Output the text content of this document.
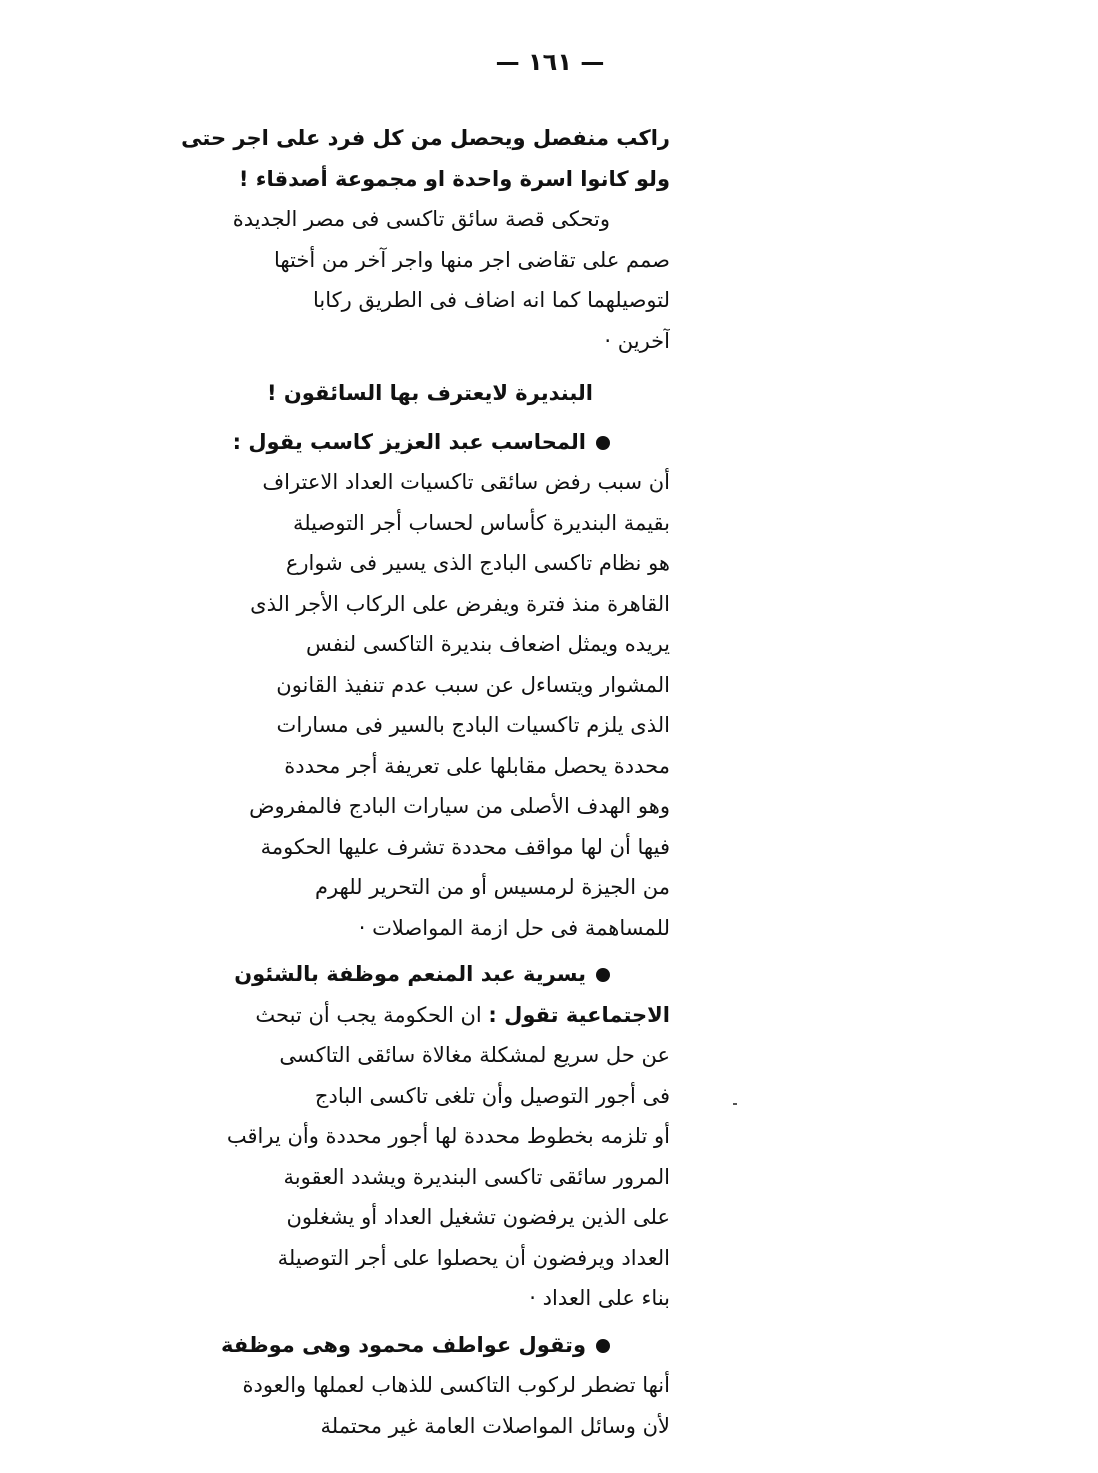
— ١٦١ —
راكب منفصل ويحصل من كل فرد على اجر حتى
ولو كانوا اسرة واحدة او مجموعة أصدقاء !
وتحكى قصة سائق تاكسى فى مصر الجديدة
صمم على تقاضى اجر منها واجر آخر من أختها
لتوصيلهما كما انه اضاف فى الطريق ركابا
آخرين ·
البنديرة لايعترف بها السائقون !
المحاسب عبد العزيز كاسب يقول :
أن سبب رفض سائقى تاكسيات العداد الاعتراف
بقيمة البنديرة كأساس لحساب أجر التوصيلة
هو نظام تاكسى البادج الذى يسير فى شوارع
القاهرة منذ فترة ويفرض على الركاب الأجر الذى
يريده ويمثل اضعاف بنديرة التاكسى لنفس
المشوار ويتساءل عن سبب عدم تنفيذ القانون
الذى يلزم تاكسيات البادج بالسير فى مسارات
محددة يحصل مقابلها على تعريفة أجر محددة
وهو الهدف الأصلى من سيارات البادج فالمفروض
فيها أن لها مواقف محددة تشرف عليها الحكومة
من الجيزة لرمسيس أو من التحرير للهرم
للمساهمة فى حل ازمة المواصلات ·
يسرية عبد المنعم موظفة بالشئون
الاجتماعية تقول : ان الحكومة يجب أن تبحث
عن حل سريع لمشكلة مغالاة سائقى التاكسى
فى أجور التوصيل وأن تلغى تاكسى البادج
أو تلزمه بخطوط محددة لها أجور محددة وأن يراقب
المرور سائقى تاكسى البنديرة ويشدد العقوبة
على الذين يرفضون تشغيل العداد أو يشغلون
العداد ويرفضون أن يحصلوا على أجر التوصيلة
بناء على العداد ·
وتقول عواطف محمود وهى موظفة
أنها تضطر لركوب التاكسى للذهاب لعملها والعودة
لأن وسائل المواصلات العامة غير محتملة
